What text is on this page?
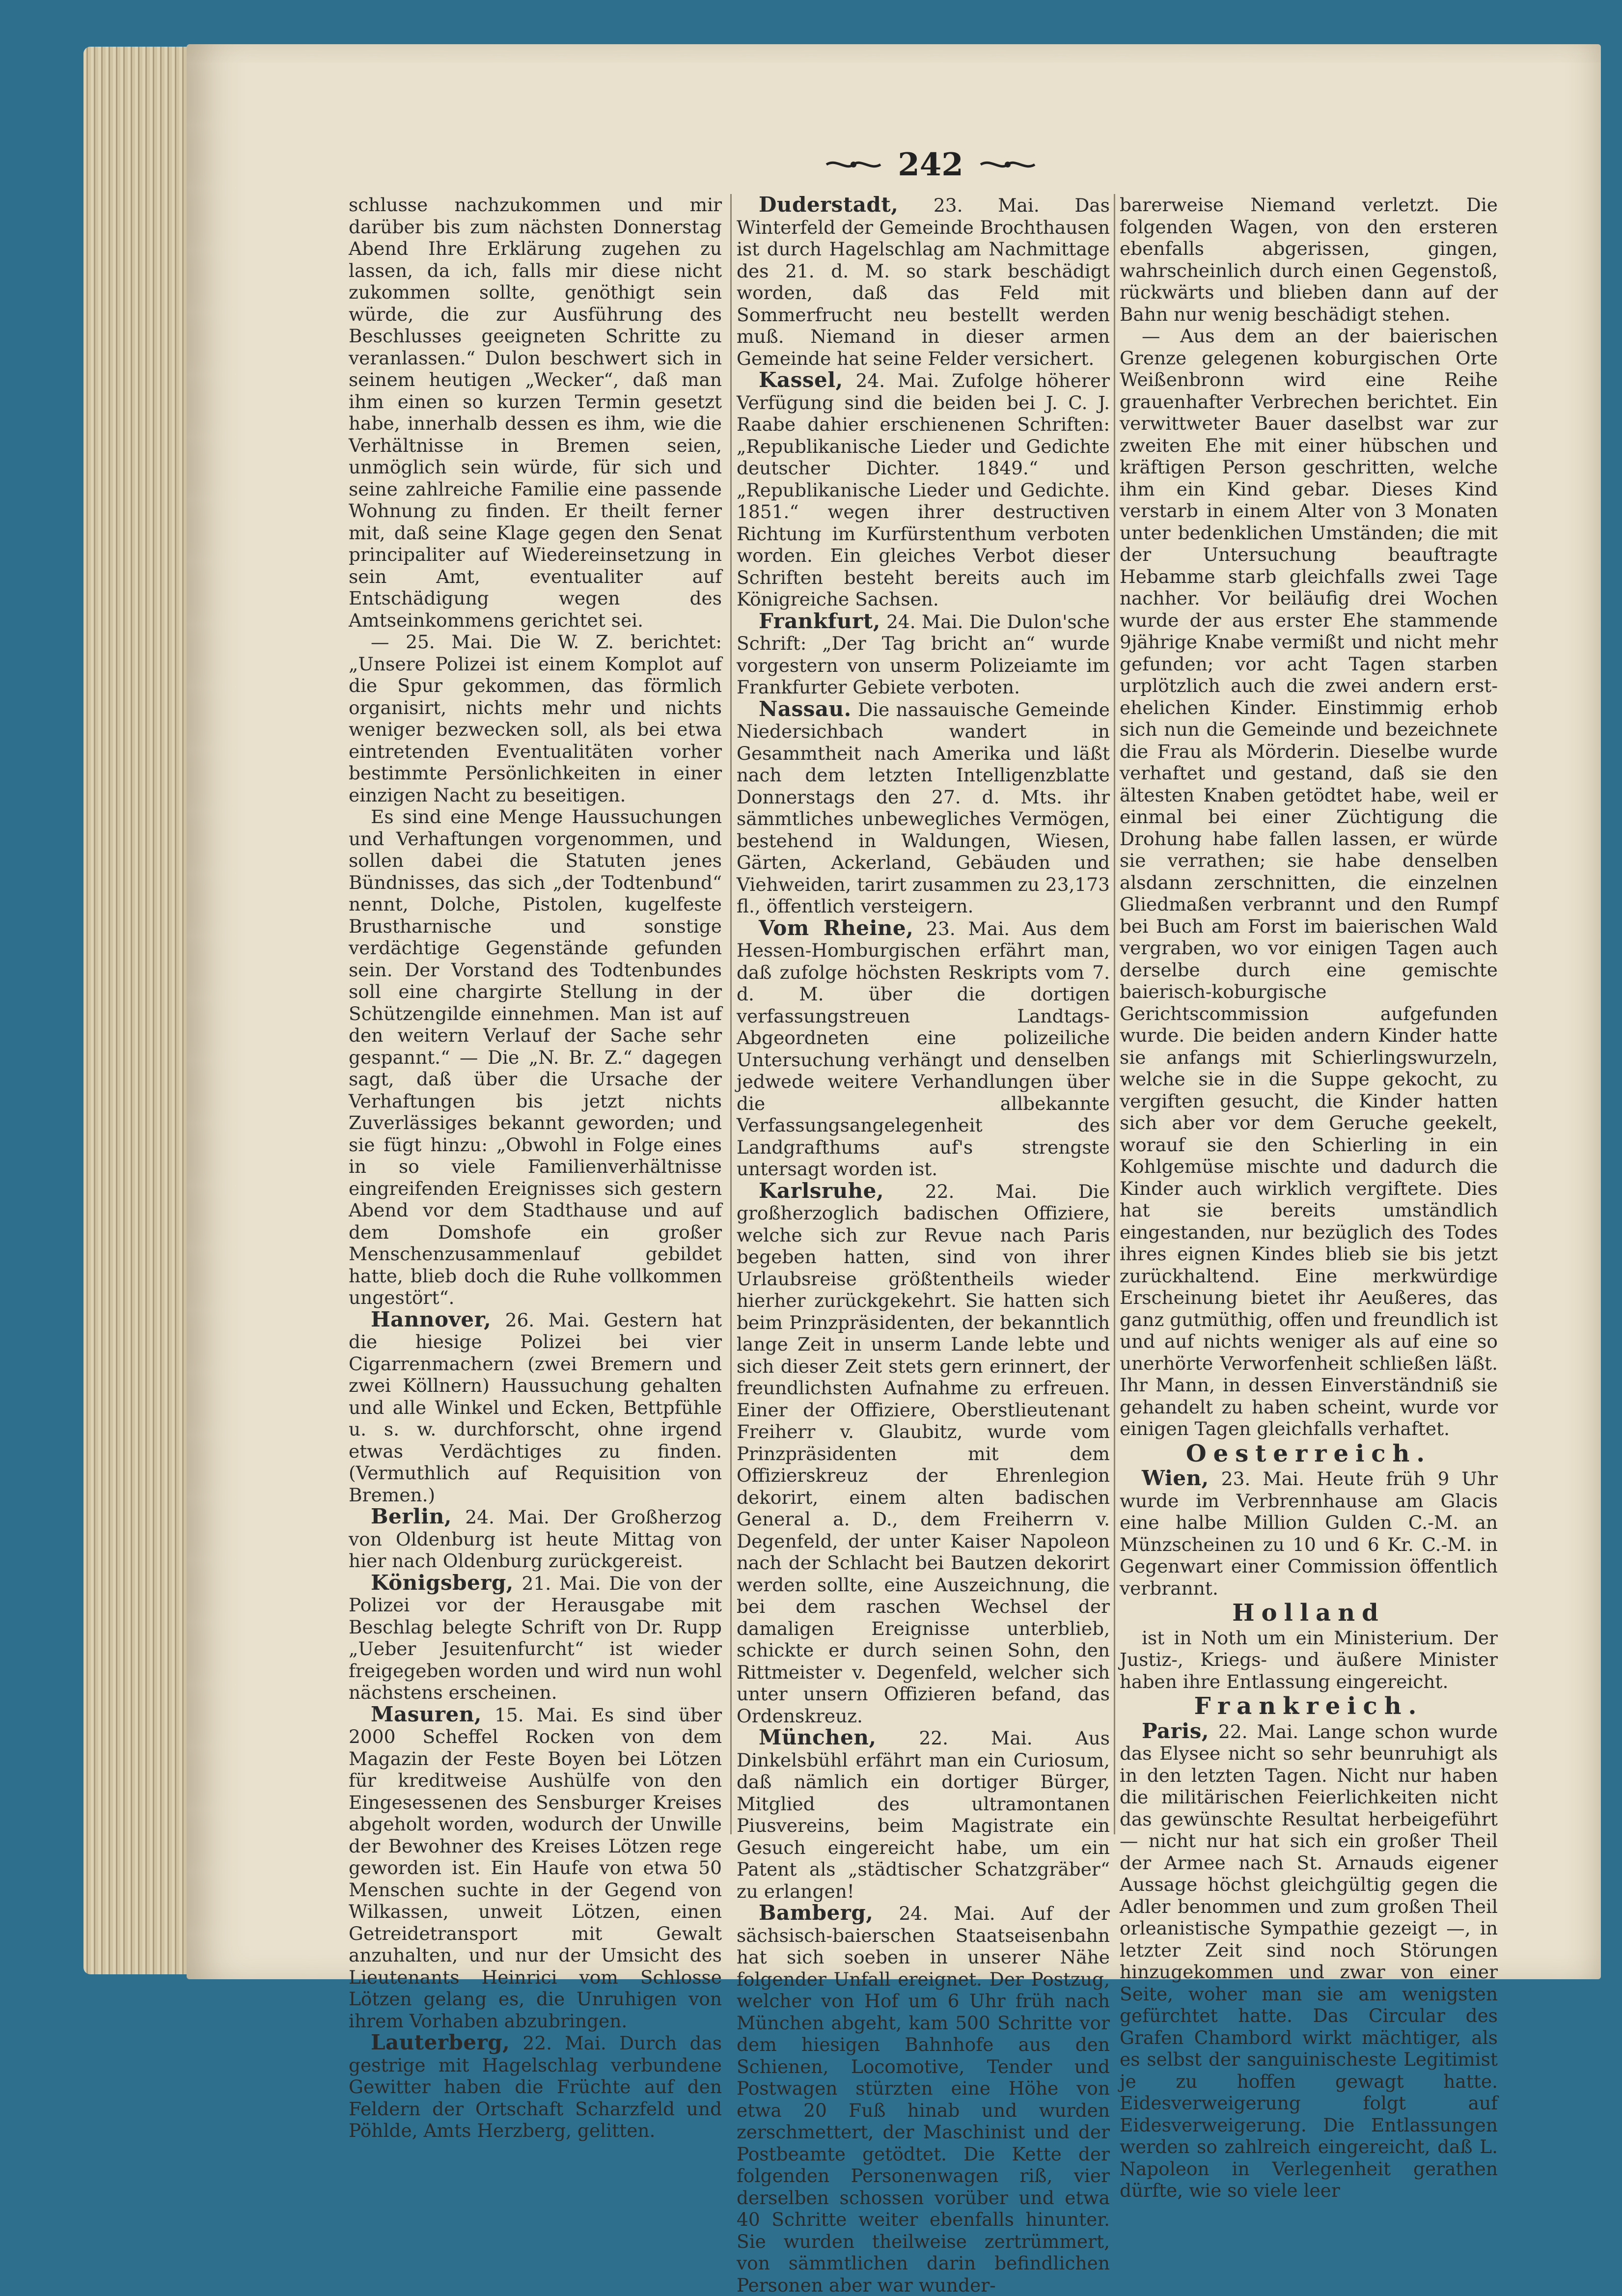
242

schlusse nachzukommen und mir darüber bis zum nächsten Donnerstag Abend Ihre Erklärung zugehen zu lassen, da ich, falls mir diese nicht zukommen sollte, genöthigt sein würde, die zur Ausführung des Beschlusses geeigneten Schritte zu veranlassen.“ Dulon beschwert sich in seinem heutigen „Wecker“, daß man ihm einen so kurzen Termin gesetzt habe, innerhalb dessen es ihm, wie die Verhältnisse in Bremen seien, unmöglich sein würde, für sich und seine zahlreiche Familie eine passende Wohnung zu finden. Er theilt ferner mit, daß seine Klage gegen den Senat principaliter auf Wiedereinsetzung in sein Amt, eventualiter auf Entschädigung wegen des Amtseinkommens gerichtet sei.

— 25. Mai. Die W. Z. berichtet: „Unsere Polizei ist einem Komplot auf die Spur gekommen, das förmlich organisirt, nichts mehr und nichts weniger bezwecken soll, als bei etwa eintretenden Eventualitäten vorher bestimmte Persönlichkeiten in einer einzigen Nacht zu beseitigen.

Es sind eine Menge Haussuchungen und Verhaftungen vorgenommen, und sollen dabei die Statuten jenes Bündnisses, das sich „der Todtenbund“ nennt, Dolche, Pistolen, kugelfeste Brustharnische und sonstige verdächtige Gegenstände gefunden sein. Der Vorstand des Todtenbundes soll eine chargirte Stellung in der Schützengilde einnehmen. Man ist auf den weitern Verlauf der Sache sehr gespannt.“ — Die „N. Br. Z.“ dagegen sagt, daß über die Ursache der Verhaftungen bis jetzt nichts Zuverlässiges bekannt geworden; und sie fügt hinzu: „Obwohl in Folge eines in so viele Familienverhältnisse eingreifenden Ereignisses sich gestern Abend vor dem Stadthause und auf dem Domshofe ein großer Menschenzusammenlauf gebildet hatte, blieb doch die Ruhe vollkommen ungestört“.

Hannover, 26. Mai. Gestern hat die hiesige Polizei bei vier Cigarrenmachern (zwei Bremern und zwei Köllnern) Haussuchung gehalten und alle Winkel und Ecken, Bettpfühle u. s. w. durchforscht, ohne irgend etwas Verdächtiges zu finden. (Vermuthlich auf Requisition von Bremen.)

Berlin, 24. Mai. Der Großherzog von Oldenburg ist heute Mittag von hier nach Oldenburg zurückgereist.

Königsberg, 21. Mai. Die von der Polizei vor der Herausgabe mit Beschlag belegte Schrift von Dr. Rupp „Ueber Jesuitenfurcht“ ist wieder freigegeben worden und wird nun wohl nächstens erscheinen.

Masuren, 15. Mai. Es sind über 2000 Scheffel Rocken von dem Magazin der Feste Boyen bei Lötzen für kreditweise Aushülfe von den Eingesessenen des Sensburger Kreises abgeholt worden, wodurch der Unwille der Bewohner des Kreises Lötzen rege geworden ist. Ein Haufe von etwa 50 Menschen suchte in der Gegend von Wilkassen, unweit Lötzen, einen Getreidetransport mit Gewalt anzuhalten, und nur der Umsicht des Lieutenants Heinrici vom Schlosse Lötzen gelang es, die Unruhigen von ihrem Vorhaben abzubringen.

Lauterberg, 22. Mai. Durch das gestrige mit Hagelschlag verbundene Gewitter haben die Früchte auf den Feldern der Ortschaft Scharzfeld und Pöhlde, Amts Herzberg, gelitten.

Duderstadt, 23. Mai. Das Winterfeld der Gemeinde Brochthausen ist durch Hagelschlag am Nachmittage des 21. d. M. so stark beschädigt worden, daß das Feld mit Sommerfrucht neu bestellt werden muß. Niemand in dieser armen Gemeinde hat seine Felder versichert.

Kassel, 24. Mai. Zufolge höherer Verfügung sind die beiden bei J. C. J. Raabe dahier erschienenen Schriften: „Republikanische Lieder und Gedichte deutscher Dichter. 1849.“ und „Republikanische Lieder und Gedichte. 1851.“ wegen ihrer destructiven Richtung im Kurfürstenthum verboten worden. Ein gleiches Verbot dieser Schriften besteht bereits auch im Königreiche Sachsen.

Frankfurt, 24. Mai. Die Dulon'sche Schrift: „Der Tag bricht an“ wurde vorgestern von unserm Polizeiamte im Frankfurter Gebiete verboten.

Nassau. Die nassauische Gemeinde Niedersichbach wandert in Gesammtheit nach Amerika und läßt nach dem letzten Intelligenzblatte Donnerstags den 27. d. Mts. ihr sämmtliches unbewegliches Vermögen, bestehend in Waldungen, Wiesen, Gärten, Ackerland, Gebäuden und Viehweiden, tarirt zusammen zu 23,173 fl., öffentlich versteigern.

Vom Rheine, 23. Mai. Aus dem Hessen-Homburgischen erfährt man, daß zufolge höchsten Reskripts vom 7. d. M. über die dortigen verfassungstreuen Landtags-Abgeordneten eine polizeiliche Untersuchung verhängt und denselben jedwede weitere Verhandlungen über die allbekannte Verfassungsangelegenheit des Landgrafthums auf's strengste untersagt worden ist.

Karlsruhe, 22. Mai. Die großherzoglich badischen Offiziere, welche sich zur Revue nach Paris begeben hatten, sind von ihrer Urlaubsreise größtentheils wieder hierher zurückgekehrt. Sie hatten sich beim Prinzpräsidenten, der bekanntlich lange Zeit in unserm Lande lebte und sich dieser Zeit stets gern erinnert, der freundlichsten Aufnahme zu erfreuen. Einer der Offiziere, Oberstlieutenant Freiherr v. Glaubitz, wurde vom Prinzpräsidenten mit dem Offizierskreuz der Ehrenlegion dekorirt, einem alten badischen General a. D., dem Freiherrn v. Degenfeld, der unter Kaiser Napoleon nach der Schlacht bei Bautzen dekorirt werden sollte, eine Auszeichnung, die bei dem raschen Wechsel der damaligen Ereignisse unterblieb, schickte er durch seinen Sohn, den Rittmeister v. Degenfeld, welcher sich unter unsern Offizieren befand, das Ordenskreuz.

München, 22. Mai. Aus Dinkelsbühl erfährt man ein Curiosum, daß nämlich ein dortiger Bürger, Mitglied des ultramontanen Piusvereins, beim Magistrate ein Gesuch eingereicht habe, um ein Patent als „städtischer Schatzgräber“ zu erlangen!

Bamberg, 24. Mai. Auf der sächsisch-baierschen Staatseisenbahn hat sich soeben in unserer Nähe folgender Unfall ereignet. Der Postzug, welcher von Hof um 6 Uhr früh nach München abgeht, kam 500 Schritte vor dem hiesigen Bahnhofe aus den Schienen, Locomotive, Tender und Postwagen stürzten eine Höhe von etwa 20 Fuß hinab und wurden zerschmettert, der Maschinist und der Postbeamte getödtet. Die Kette der folgenden Personenwagen riß, vier derselben schossen vorüber und etwa 40 Schritte weiter ebenfalls hinunter. Sie wurden theilweise zertrümmert, von sämmtlichen darin befindlichen Personen aber war wunder-

barerweise Niemand verletzt. Die folgenden Wagen, von den ersteren ebenfalls abgerissen, gingen, wahrscheinlich durch einen Gegenstoß, rückwärts und blieben dann auf der Bahn nur wenig beschädigt stehen.

— Aus dem an der baierischen Grenze gelegenen koburgischen Orte Weißenbronn wird eine Reihe grauenhafter Verbrechen berichtet. Ein verwittweter Bauer daselbst war zur zweiten Ehe mit einer hübschen und kräftigen Person geschritten, welche ihm ein Kind gebar. Dieses Kind verstarb in einem Alter von 3 Monaten unter bedenklichen Umständen; die mit der Untersuchung beauftragte Hebamme starb gleichfalls zwei Tage nachher. Vor beiläufig drei Wochen wurde der aus erster Ehe stammende 9jährige Knabe vermißt und nicht mehr gefunden; vor acht Tagen starben urplötzlich auch die zwei andern erst-ehelichen Kinder. Einstimmig erhob sich nun die Gemeinde und bezeichnete die Frau als Mörderin. Dieselbe wurde verhaftet und gestand, daß sie den ältesten Knaben getödtet habe, weil er einmal bei einer Züchtigung die Drohung habe fallen lassen, er würde sie verrathen; sie habe denselben alsdann zerschnitten, die einzelnen Gliedmaßen verbrannt und den Rumpf bei Buch am Forst im baierischen Wald vergraben, wo vor einigen Tagen auch derselbe durch eine gemischte baierisch-koburgische Gerichtscommission aufgefunden wurde. Die beiden andern Kinder hatte sie anfangs mit Schierlingswurzeln, welche sie in die Suppe gekocht, zu vergiften gesucht, die Kinder hatten sich aber vor dem Geruche geekelt, worauf sie den Schierling in ein Kohlgemüse mischte und dadurch die Kinder auch wirklich vergiftete. Dies hat sie bereits umständlich eingestanden, nur bezüglich des Todes ihres eignen Kindes blieb sie bis jetzt zurückhaltend. Eine merkwürdige Erscheinung bietet ihr Aeußeres, das ganz gutmüthig, offen und freundlich ist und auf nichts weniger als auf eine so unerhörte Verworfenheit schließen läßt. Ihr Mann, in dessen Einverständniß sie gehandelt zu haben scheint, wurde vor einigen Tagen gleichfalls verhaftet.

Oesterreich.

Wien, 23. Mai. Heute früh 9 Uhr wurde im Verbrennhause am Glacis eine halbe Million Gulden C.-M. an Münzscheinen zu 10 und 6 Kr. C.-M. in Gegenwart einer Commission öffentlich verbrannt.

Holland

ist in Noth um ein Ministerium. Der Justiz-, Kriegs- und äußere Minister haben ihre Entlassung eingereicht.

Frankreich.

Paris, 22. Mai. Lange schon wurde das Elysee nicht so sehr beunruhigt als in den letzten Tagen. Nicht nur haben die militärischen Feierlichkeiten nicht das gewünschte Resultat herbeigeführt — nicht nur hat sich ein großer Theil der Armee nach St. Arnauds eigener Aussage höchst gleichgültig gegen die Adler benommen und zum großen Theil orleanistische Sympathie gezeigt —, in letzter Zeit sind noch Störungen hinzugekommen und zwar von einer Seite, woher man sie am wenigsten gefürchtet hatte. Das Circular des Grafen Chambord wirkt mächtiger, als es selbst der sanguinischeste Legitimist je zu hoffen gewagt hatte. Eidesverweigerung folgt auf Eidesverweigerung. Die Entlassungen werden so zahlreich eingereicht, daß L. Napoleon in Verlegenheit gerathen dürfte, wie so viele leer
